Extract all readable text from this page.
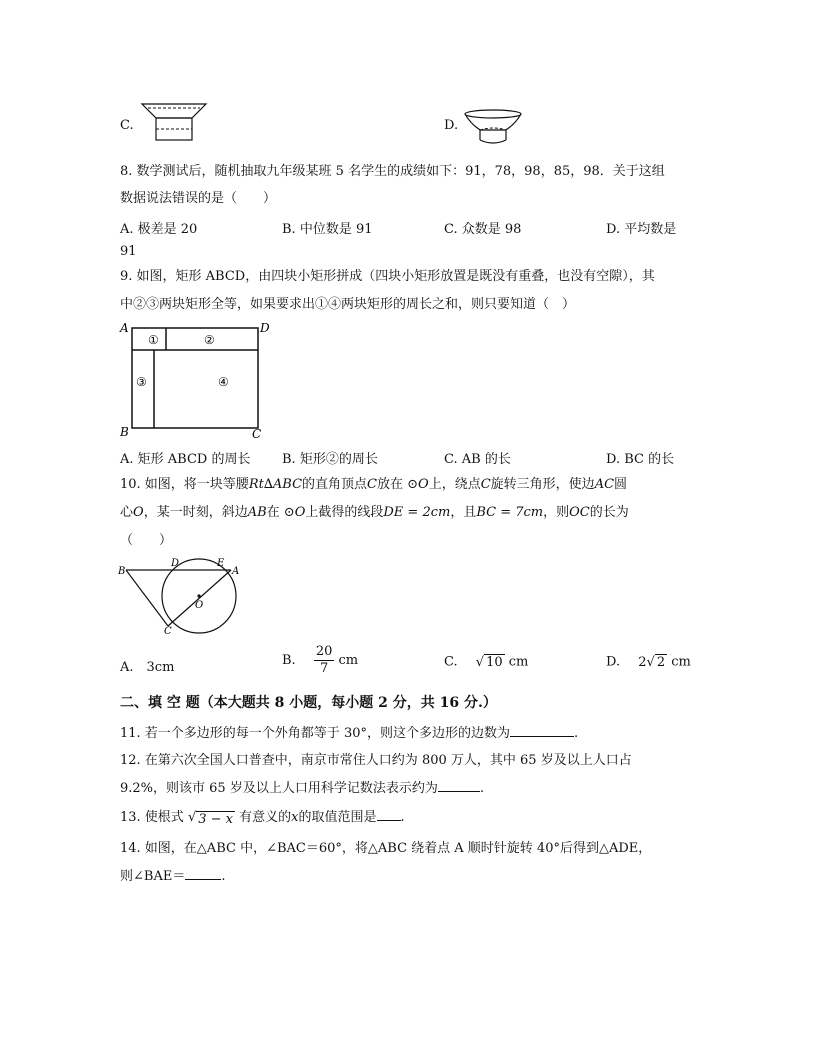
C.	D.
8. 数学测试后，随机抽取九年级某班 5 名学生的成绩如下：91，78，98，85，98．关于这组
数据说法错误的是（　　）
A. 极差是 20	B. 中位数是 91	C. 众数是 98	D. 平均数是
91
9. 如图，矩形 ABCD，由四块小矩形拼成（四块小矩形放置是既没有重叠，也没有空隙），其
中②③两块矩形全等，如果要求出①④两块矩形的周长之和，则只要知道（　）
A	D
B	C
①	②
③	④
A. 矩形 ABCD 的周长 B. 矩形②的周长	C. AB 的长	D. BC 的长
10. 如图，将一块等腰Rt∆ABC的直角顶点C放在 ⊙O上，绕点C旋转三角形，使边AC圆
心O，某一时刻，斜边AB在 ⊙O上截得的线段DE = 2cm，且BC = 7cm，则OC的长为
（　　）
B
D	E
A
O
C
A.　3cm	B. $\frac{20}{7}$ cm	C. √ 10 cm	D. 2 √ 2 cm
二、填 空 题（本大题共 8 小题，每小题 2 分，共 16 分.）
11. 若一个多边形的每一个外角都等于 30°，则这个多边形的边数为	.
12. 在第六次全国人口普查中，南京市常住人口约为 800 万人，其中 65 岁及以上人口占
9.2%，则该市 65 岁及以上人口用科学记数法表示约为	.
13. 使根式 √ 3 − x 有意义的x的取值范围是 .
14. 如图，在△ABC 中，∠BAC＝60°，将△ABC 绕着点 A 顺时针旋转 40°后得到△ADE，
则∠BAE＝	.
